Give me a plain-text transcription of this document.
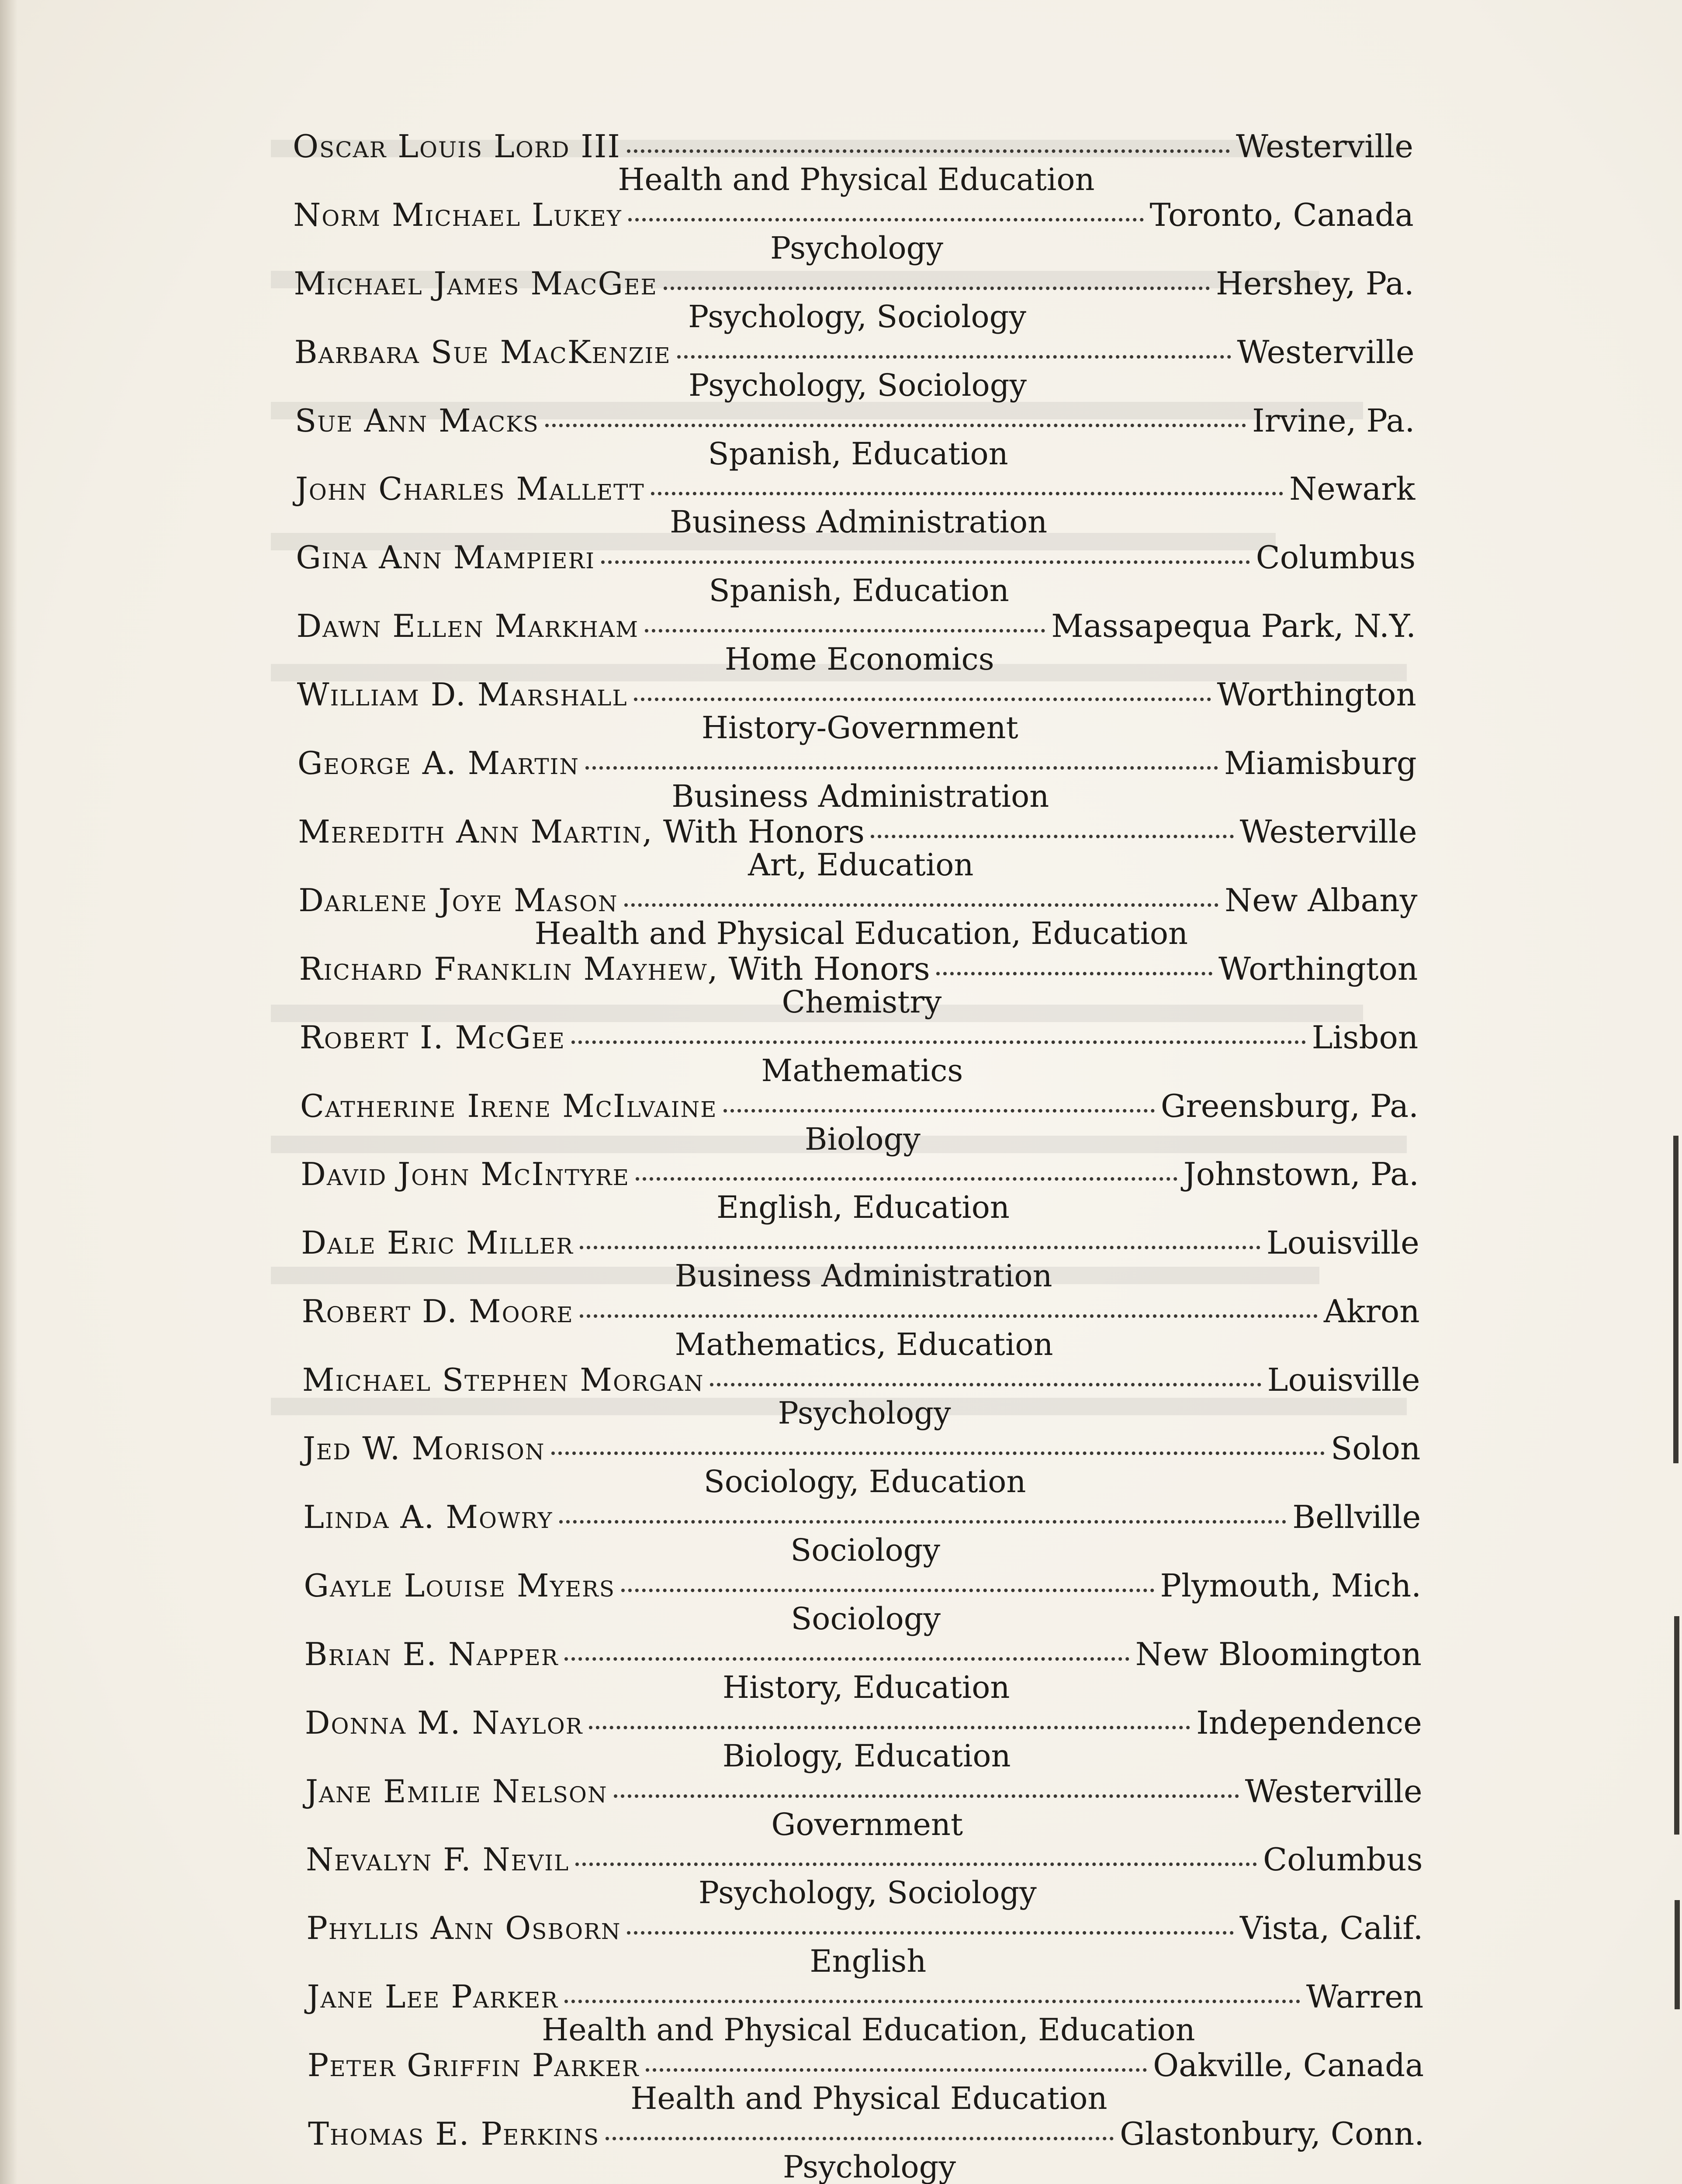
Oscar Louis Lord III	Westerville
Health and Physical Education
Norm Michael Lukey	Toronto, Canada
Psychology
Michael James MacGee	Hershey, Pa.
Psychology, Sociology
Barbara Sue MacKenzie	Westerville
Psychology, Sociology
Sue Ann Macks	Irvine, Pa.
Spanish, Education
John Charles Mallett	Newark
Business Administration
Gina Ann Mampieri	Columbus
Spanish, Education
Dawn Ellen Markham	Massapequa Park, N.Y.
Home Economics
William D. Marshall	Worthington
History-Government
George A. Martin	Miamisburg
Business Administration
Meredith Ann Martin, With Honors	Westerville
Art, Education
Darlene Joye Mason	New Albany
Health and Physical Education, Education
Richard Franklin Mayhew, With Honors	Worthington
Chemistry
Robert I. McGee	Lisbon
Mathematics
Catherine Irene McIlvaine	Greensburg, Pa.
Biology
David John McIntyre	Johnstown, Pa.
English, Education
Dale Eric Miller	Louisville
Business Administration
Robert D. Moore	Akron
Mathematics, Education
Michael Stephen Morgan	Louisville
Psychology
Jed W. Morison	Solon
Sociology, Education
Linda A. Mowry	Bellville
Sociology
Gayle Louise Myers	Plymouth, Mich.
Sociology
Brian E. Napper	New Bloomington
History, Education
Donna M. Naylor	Independence
Biology, Education
Jane Emilie Nelson	Westerville
Government
Nevalyn F. Nevil	Columbus
Psychology, Sociology
Phyllis Ann Osborn	Vista, Calif.
English
Jane Lee Parker	Warren
Health and Physical Education, Education
Peter Griffin Parker	Oakville, Canada
Health and Physical Education
Thomas E. Perkins	Glastonbury, Conn.
Psychology
